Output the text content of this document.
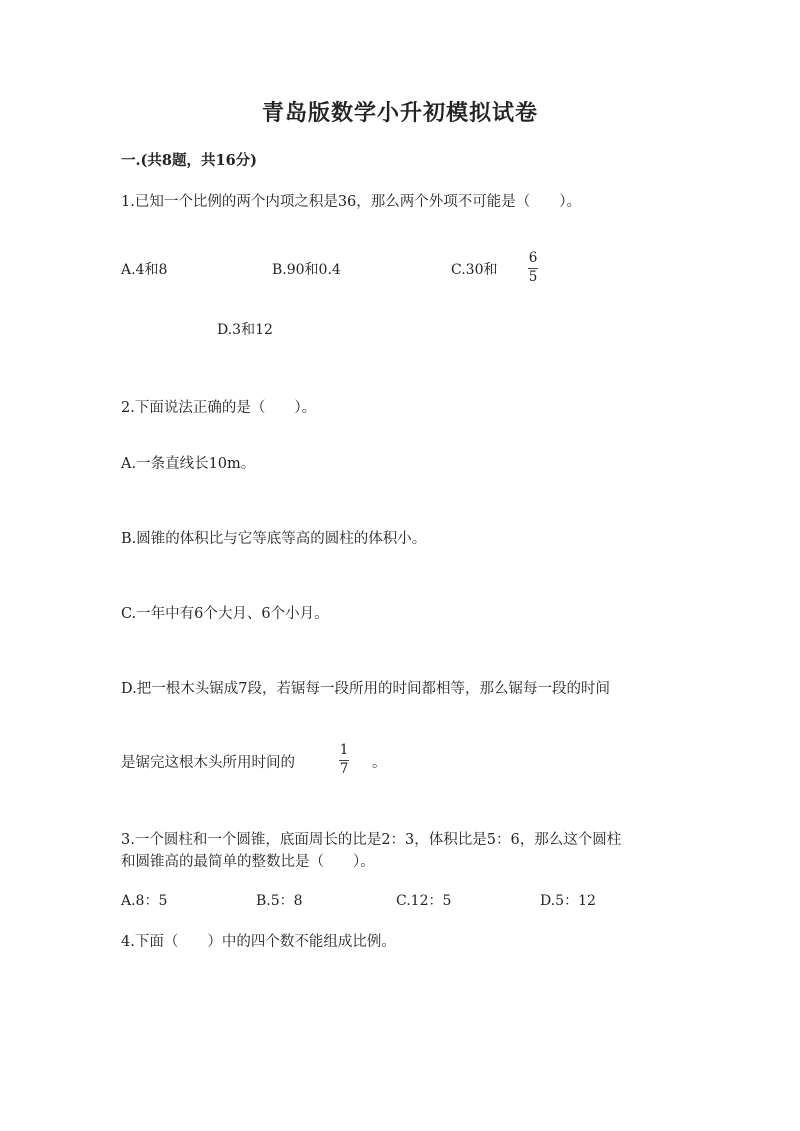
青岛版数学小升初模拟试卷
一.(共8题，共16分)
1.已知一个比例的两个内项之积是36，那么两个外项不可能是（　　）。
A.4和8	B.90和0.4	C.30和
6
5
D.3和12
2.下面说法正确的是（　　）。
A.一条直线长10m。
B.圆锥的体积比与它等底等高的圆柱的体积小。
C.一年中有6个大月、6个小月。
D.把一根木头锯成7段，若锯每一段所用的时间都相等，那么锯每一段的时间
是锯完这根木头所用时间的
1
7 。
3.一个圆柱和一个圆锥，底面周长的比是2：3，体积比是5：6，那么这个圆柱
和圆锥高的最简单的整数比是（　　）。
A.8：5	B.5：8	C.12：5	D.5：12
4.下面（　　）中的四个数不能组成比例。
